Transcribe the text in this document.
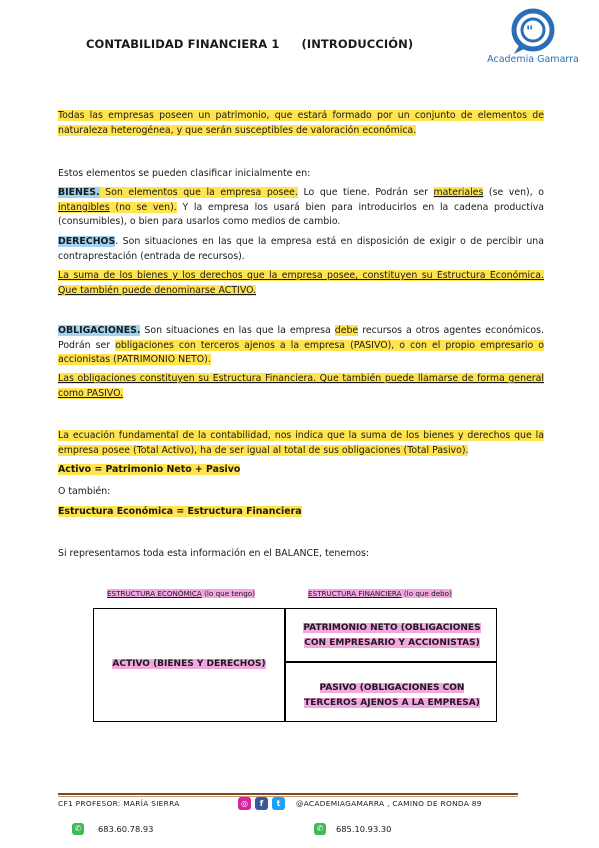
CONTABILIDAD FINANCIERA 1 (INTRODUCCIÓN)
"
Academia Gamarra
Todas las empresas poseen un patrimonio, que estará formado por un conjunto de elementos de naturaleza heterogénea, y que serán susceptibles de valoración económica.
Estos elementos se pueden clasificar inicialmente en:
BIENES. Son elementos que la empresa posee. Lo que tiene. Podrán ser materiales (se ven), o intangibles (no se ven). Y la empresa los usará bien para introducirlos en la cadena productiva (consumibles), o bien para usarlos como medios de cambio.
DERECHOS. Son situaciones en las que la empresa está en disposición de exigir o de percibir una contraprestación (entrada de recursos).
La suma de los bienes y los derechos que la empresa posee, constituyen su Estructura Económica. Que también puede denominarse ACTIVO.
OBLIGACIONES. Son situaciones en las que la empresa debe recursos a otros agentes económicos. Podrán ser obligaciones con terceros ajenos a la empresa (PASIVO), o con el propio empresario o accionistas (PATRIMONIO NETO).
Las obligaciones constituyen su Estructura Financiera. Que también puede llamarse de forma general como PASIVO.
La ecuación fundamental de la contabilidad, nos indica que la suma de los bienes y derechos que la empresa posee (Total Activo), ha de ser igual al total de sus obligaciones (Total Pasivo).
Activo = Patrimonio Neto + Pasivo
O también:
Estructura Económica = Estructura Financiera
Si representamos toda esta información en el BALANCE, tenemos:
ESTRUCTURA ECONÓMICA (lo que tengo)	ESTRUCTURA FINANCIERA (lo que debo)
ACTIVO (BIENES Y DERECHOS)
PATRIMONIO NETO (OBLIGACIONES
CON EMPRESARIO Y ACCIONISTAS)
PASIVO (OBLIGACIONES CON
TERCEROS AJENOS A LA EMPRESA)
CF1 PROFESOR: MARÍA SIERRA	◎	f	t	@ACADEMIAGAMARRA , CAMINO DE RONDA 89
✆	683.60.78.93	✆	685.10.93.30
